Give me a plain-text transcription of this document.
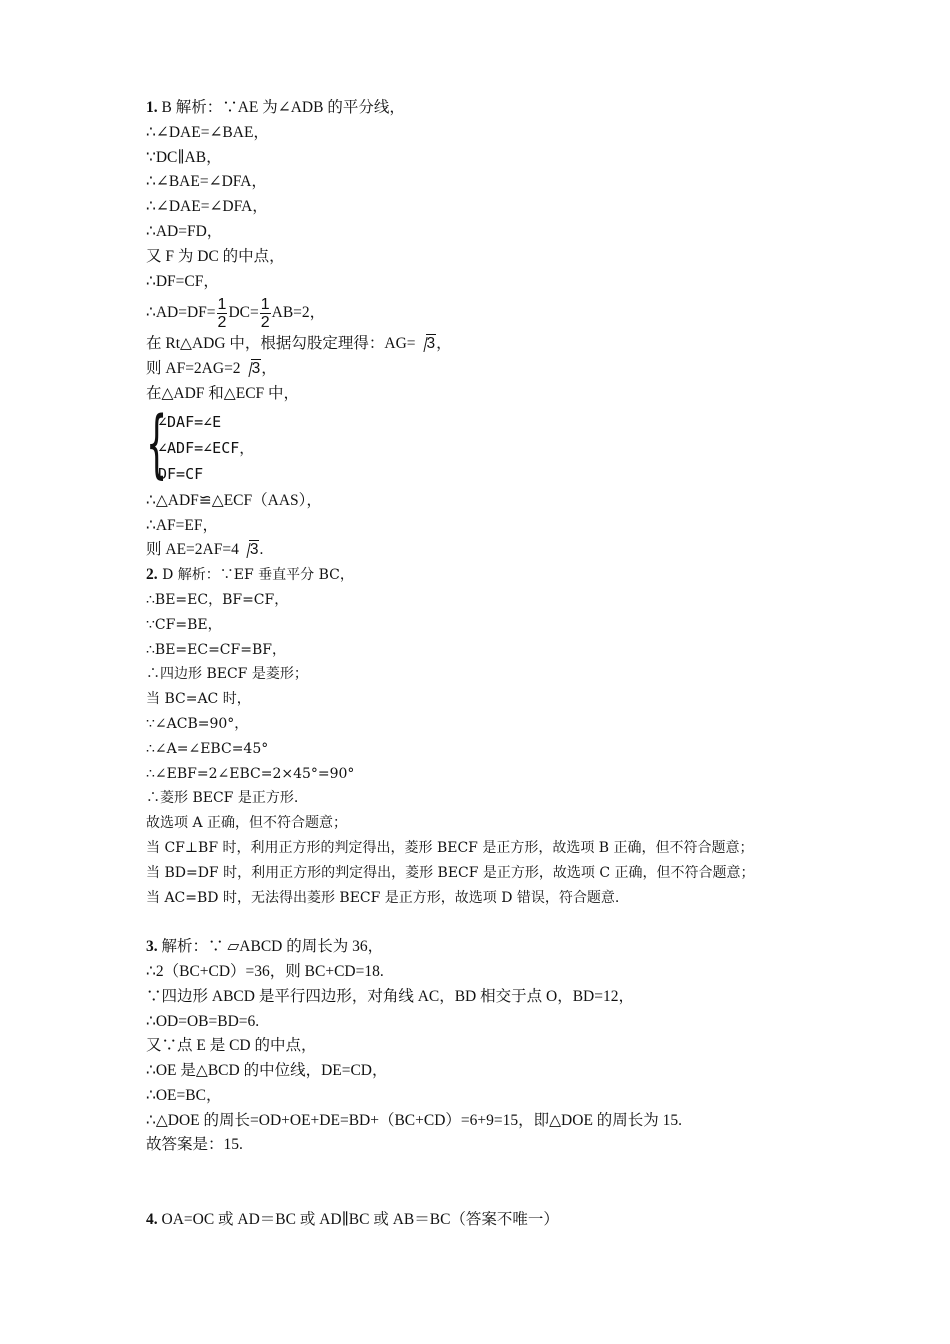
1. B 解析：∵AE 为∠ADB 的平分线，
∴∠DAE=∠BAE，
∵DC∥AB，
∴∠BAE=∠DFA，
∴∠DAE=∠DFA，
∴AD=FD，
又 F 为 DC 的中点，
∴DF=CF，
∴AD=DF= $\frac{1}{2} DC= \frac{1}{2} AB=2$，
在 Rt△ADG 中，根据勾股定理得：AG= 3，
则 AF=2AG=2 3，
在△ADF 和△ECF 中，
{
∠DAF=∠E
∠ADF=∠ECF，
DF=CF
∴△ADF≌△ECF（AAS），
∴AF=EF，
则 AE=2AF=4 3.
2. D 解析：∵EF 垂直平分 BC，
∴BE=EC，BF=CF，
∵CF=BE，
∴BE=EC=CF=BF，
∴四边形 BECF 是菱形；
当 BC=AC 时，
∵∠ACB=90°，
∴∠A=∠EBC=45°
∴∠EBF=2∠EBC=2×45°=90°
∴菱形 BECF 是正方形.
故选项 A 正确，但不符合题意；
当 CF⊥BF 时，利用正方形的判定得出，菱形 BECF 是正方形，故选项 B 正确，但不符合题意；
当 BD=DF 时，利用正方形的判定得出，菱形 BECF 是正方形，故选项 C 正确，但不符合题意；
当 AC=BD 时，无法得出菱形 BECF 是正方形，故选项 D 错误，符合题意.
3. 解析：∵ ▱ABCD 的周长为 36，
∴2（BC+CD）=36，则 BC+CD=18.
∵四边形 ABCD 是平行四边形，对角线 AC，BD 相交于点 O，BD=12，
∴OD=OB=BD=6.
又∵点 E 是 CD 的中点，
∴OE 是△BCD 的中位线，DE=CD，
∴OE=BC，
∴△DOE 的周长=OD+OE+DE=BD+（BC+CD）=6+9=15，即△DOE 的周长为 15.
故答案是：15.
4. OA=OC 或 AD＝BC 或 AD∥BC 或 AB＝BC（答案不唯一）
